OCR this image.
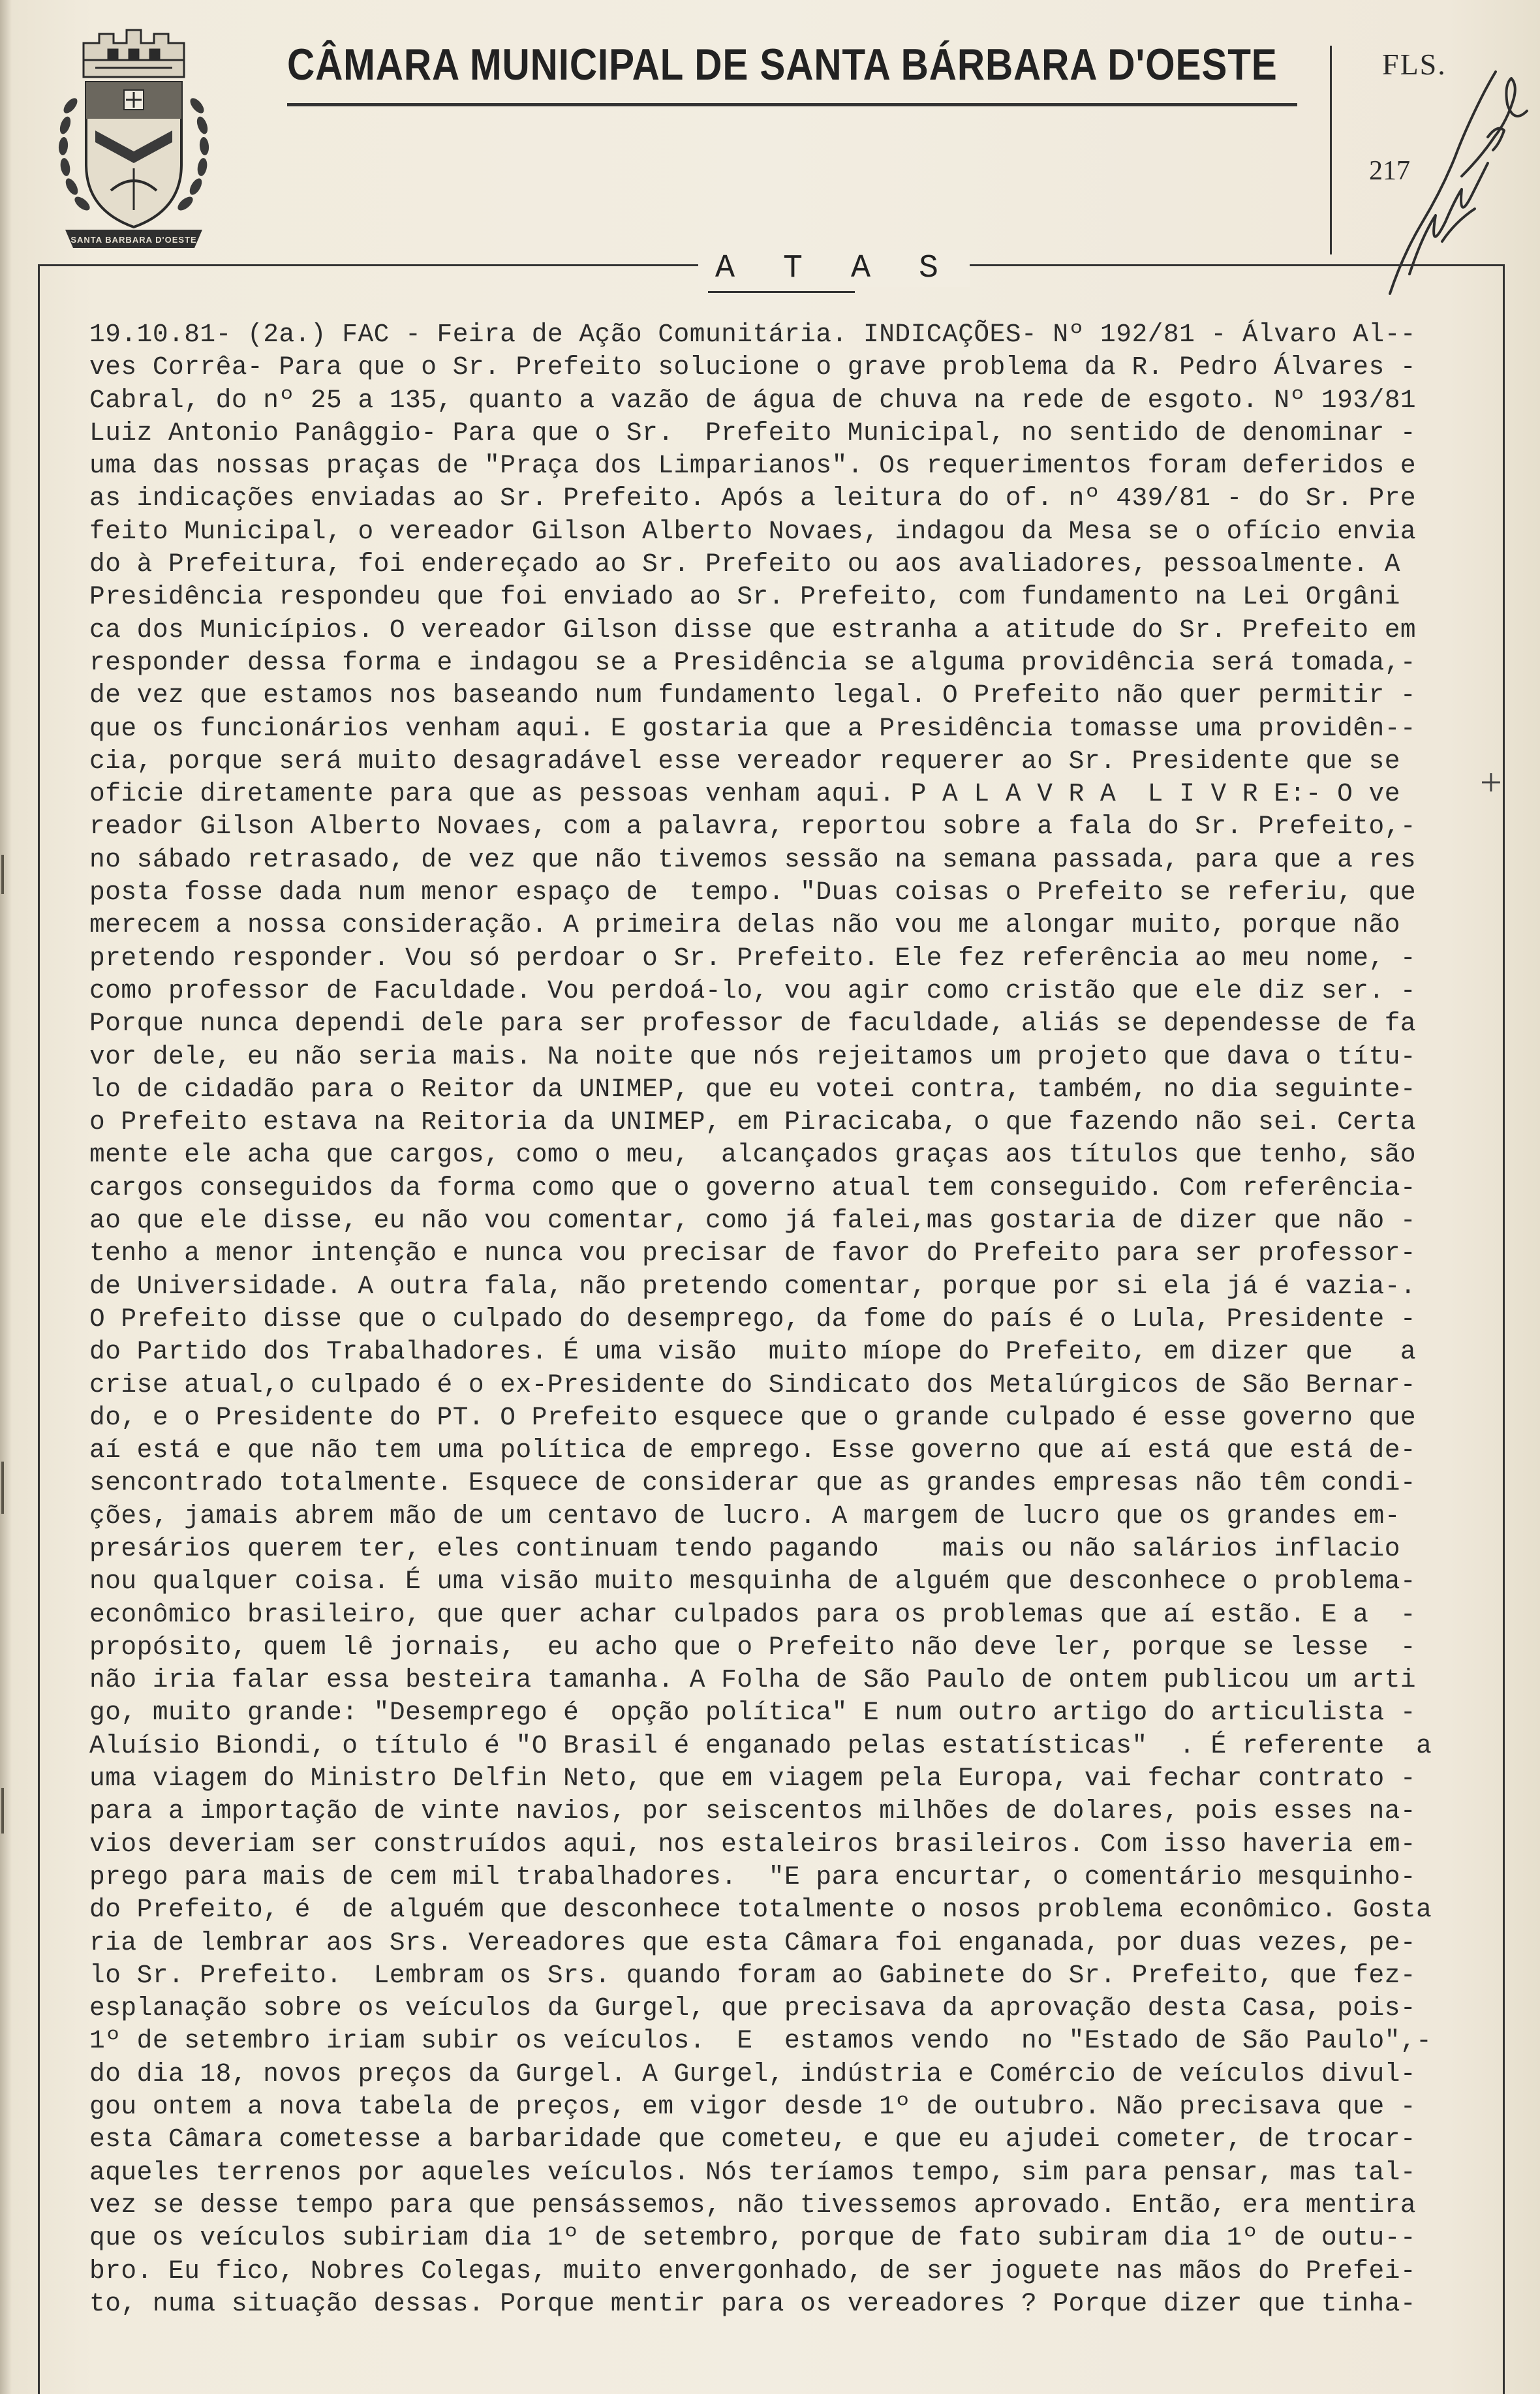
SANTA BARBARA D'OESTE
CÂMARA MUNICIPAL DE SANTA BÁRBARA D'OESTE	FLS.
217
A T A S
19.10.81- (2a.) FAC - Feira de Ação Comunitária. INDICAÇÕES- Nº 192/81 - Álvaro Al--
ves Corrêa- Para que o Sr. Prefeito solucione o grave problema da R. Pedro Álvares -
Cabral, do nº 25 a 135, quanto a vazão de água de chuva na rede de esgoto. Nº 193/81
Luiz Antonio Panâggio- Para que o Sr.  Prefeito Municipal, no sentido de denominar -
uma das nossas praças de "Praça dos Limparianos". Os requerimentos foram deferidos e
as indicações enviadas ao Sr. Prefeito. Após a leitura do of. nº 439/81 - do Sr. Pre
feito Municipal, o vereador Gilson Alberto Novaes, indagou da Mesa se o ofício envia
do à Prefeitura, foi endereçado ao Sr. Prefeito ou aos avaliadores, pessoalmente. A
Presidência respondeu que foi enviado ao Sr. Prefeito, com fundamento na Lei Orgâni
ca dos Municípios. O vereador Gilson disse que estranha a atitude do Sr. Prefeito em
responder dessa forma e indagou se a Presidência se alguma providência será tomada,-
de vez que estamos nos baseando num fundamento legal. O Prefeito não quer permitir -
que os funcionários venham aqui. E gostaria que a Presidência tomasse uma providên--
cia, porque será muito desagradável esse vereador requerer ao Sr. Presidente que se
oficie diretamente para que as pessoas venham aqui. P A L A V R A  L I V R E:- O ve
reador Gilson Alberto Novaes, com a palavra, reportou sobre a fala do Sr. Prefeito,-
no sábado retrasado, de vez que não tivemos sessão na semana passada, para que a res
posta fosse dada num menor espaço de  tempo. "Duas coisas o Prefeito se referiu, que
merecem a nossa consideração. A primeira delas não vou me alongar muito, porque não
pretendo responder. Vou só perdoar o Sr. Prefeito. Ele fez referência ao meu nome, -
como professor de Faculdade. Vou perdoá-lo, vou agir como cristão que ele diz ser. -
Porque nunca dependi dele para ser professor de faculdade, aliás se dependesse de fa
vor dele, eu não seria mais. Na noite que nós rejeitamos um projeto que dava o títu-
lo de cidadão para o Reitor da UNIMEP, que eu votei contra, também, no dia seguinte-
o Prefeito estava na Reitoria da UNIMEP, em Piracicaba, o que fazendo não sei. Certa
mente ele acha que cargos, como o meu,  alcançados graças aos títulos que tenho, são
cargos conseguidos da forma como que o governo atual tem conseguido. Com referência-
ao que ele disse, eu não vou comentar, como já falei,mas gostaria de dizer que não -
tenho a menor intenção e nunca vou precisar de favor do Prefeito para ser professor-
de Universidade. A outra fala, não pretendo comentar, porque por si ela já é vazia-.
O Prefeito disse que o culpado do desemprego, da fome do país é o Lula, Presidente -
do Partido dos Trabalhadores. É uma visão  muito míope do Prefeito, em dizer que   a
crise atual,o culpado é o ex-Presidente do Sindicato dos Metalúrgicos de São Bernar-
do, e o Presidente do PT. O Prefeito esquece que o grande culpado é esse governo que
aí está e que não tem uma política de emprego. Esse governo que aí está que está de-
sencontrado totalmente. Esquece de considerar que as grandes empresas não têm condi-
ções, jamais abrem mão de um centavo de lucro. A margem de lucro que os grandes em-
presários querem ter, eles continuam tendo pagando    mais ou não salários inflacio
nou qualquer coisa. É uma visão muito mesquinha de alguém que desconhece o problema-
econômico brasileiro, que quer achar culpados para os problemas que aí estão. E a  -
propósito, quem lê jornais,  eu acho que o Prefeito não deve ler, porque se lesse  -
não iria falar essa besteira tamanha. A Folha de São Paulo de ontem publicou um arti
go, muito grande: "Desemprego é  opção política" E num outro artigo do articulista -
Aluísio Biondi, o título é "O Brasil é enganado pelas estatísticas"  . É referente  a
uma viagem do Ministro Delfin Neto, que em viagem pela Europa, vai fechar contrato -
para a importação de vinte navios, por seiscentos milhões de dolares, pois esses na-
vios deveriam ser construídos aqui, nos estaleiros brasileiros. Com isso haveria em-
prego para mais de cem mil trabalhadores.  "E para encurtar, o comentário mesquinho-
do Prefeito, é  de alguém que desconhece totalmente o nosos problema econômico. Gosta
ria de lembrar aos Srs. Vereadores que esta Câmara foi enganada, por duas vezes, pe-
lo Sr. Prefeito.  Lembram os Srs. quando foram ao Gabinete do Sr. Prefeito, que fez-
esplanação sobre os veículos da Gurgel, que precisava da aprovação desta Casa, pois-
1º de setembro iriam subir os veículos.  E  estamos vendo  no "Estado de São Paulo",-
do dia 18, novos preços da Gurgel. A Gurgel, indústria e Comércio de veículos divul-
gou ontem a nova tabela de preços, em vigor desde 1º de outubro. Não precisava que -
esta Câmara cometesse a barbaridade que cometeu, e que eu ajudei cometer, de trocar-
aqueles terrenos por aqueles veículos. Nós teríamos tempo, sim para pensar, mas tal-
vez se desse tempo para que pensássemos, não tivessemos aprovado. Então, era mentira
que os veículos subiriam dia 1º de setembro, porque de fato subiram dia 1º de outu--
bro. Eu fico, Nobres Colegas, muito envergonhado, de ser joguete nas mãos do Prefei-
to, numa situação dessas. Porque mentir para os vereadores ? Porque dizer que tinha-
+
